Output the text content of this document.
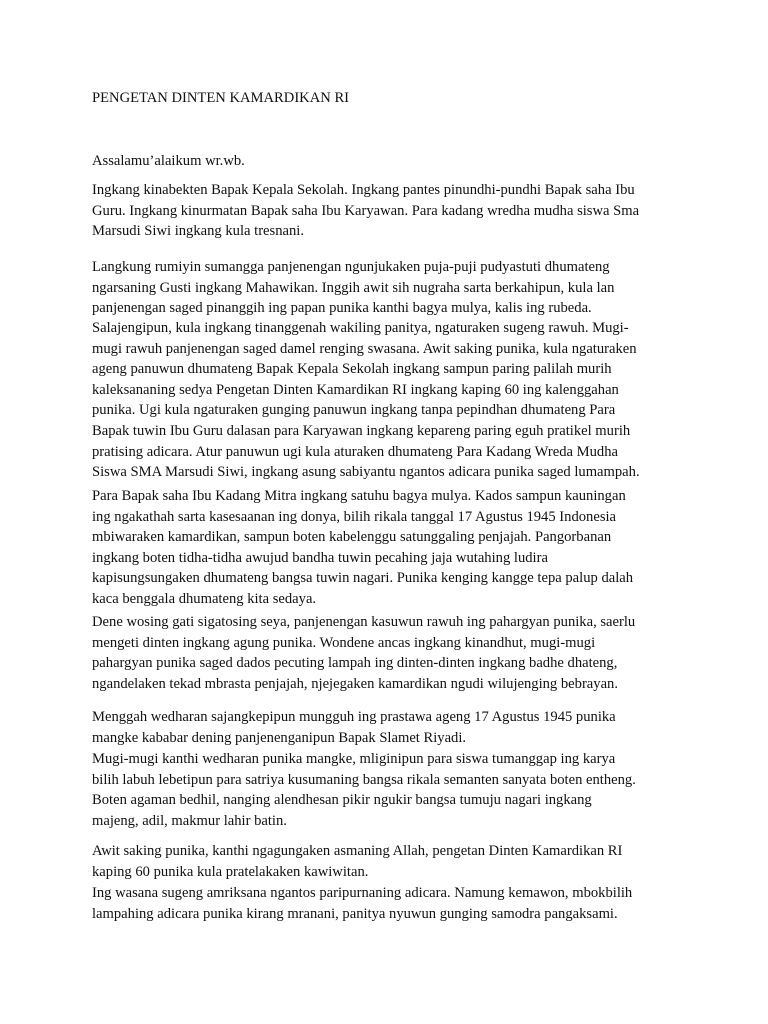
PENGETAN DINTEN KAMARDIKAN RI
Assalamu’alaikum wr.wb.
Ingkang kinabekten Bapak Kepala Sekolah. Ingkang pantes pinundhi-pundhi Bapak saha Ibu
Guru. Ingkang kinurmatan Bapak saha Ibu Karyawan. Para kadang wredha mudha siswa Sma
Marsudi Siwi ingkang kula tresnani.
Langkung rumiyin sumangga panjenengan ngunjukaken puja-puji pudyastuti dhumateng
ngarsaning Gusti ingkang Mahawikan. Inggih awit sih nugraha sarta berkahipun, kula lan
panjenengan saged pinanggih ing papan punika kanthi bagya mulya, kalis ing rubeda.
Salajengipun, kula ingkang tinanggenah wakiling panitya, ngaturaken sugeng rawuh. Mugi-
mugi rawuh panjenengan saged damel renging swasana. Awit saking punika, kula ngaturaken
ageng panuwun dhumateng Bapak Kepala Sekolah ingkang sampun paring palilah murih
kaleksananing sedya Pengetan Dinten Kamardikan RI ingkang kaping 60 ing kalenggahan
punika. Ugi kula ngaturaken gunging panuwun ingkang tanpa pepindhan dhumateng Para
Bapak tuwin Ibu Guru dalasan para Karyawan ingkang kepareng paring eguh pratikel murih
pratising adicara. Atur panuwun ugi kula aturaken dhumateng Para Kadang Wreda Mudha
Siswa SMA Marsudi Siwi, ingkang asung sabiyantu ngantos adicara punika saged lumampah.
Para Bapak saha Ibu Kadang Mitra ingkang satuhu bagya mulya. Kados sampun kauningan
ing ngakathah sarta kasesaanan ing donya, bilih rikala tanggal 17 Agustus 1945 Indonesia
mbiwaraken kamardikan, sampun boten kabelenggu satunggaling penjajah. Pangorbanan
ingkang boten tidha-tidha awujud bandha tuwin pecahing jaja wutahing ludira
kapisungsungaken dhumateng bangsa tuwin nagari. Punika kenging kangge tepa palup dalah
kaca benggala dhumateng kita sedaya.
Dene wosing gati sigatosing seya, panjenengan kasuwun rawuh ing pahargyan punika, saerlu
mengeti dinten ingkang agung punika. Wondene ancas ingkang kinandhut, mugi-mugi
pahargyan punika saged dados pecuting lampah ing dinten-dinten ingkang badhe dhateng,
ngandelaken tekad mbrasta penjajah, njejegaken kamardikan ngudi wilujenging bebrayan.
Menggah wedharan sajangkepipun mungguh ing prastawa ageng 17 Agustus 1945 punika
mangke kababar dening panjenenganipun Bapak Slamet Riyadi.
Mugi-mugi kanthi wedharan punika mangke, mliginipun para siswa tumanggap ing karya
bilih labuh lebetipun para satriya kusumaning bangsa rikala semanten sanyata boten entheng.
Boten agaman bedhil, nanging alendhesan pikir ngukir bangsa tumuju nagari ingkang
majeng, adil, makmur lahir batin.
Awit saking punika, kanthi ngagungaken asmaning Allah, pengetan Dinten Kamardikan RI
kaping 60 punika kula pratelakaken kawiwitan.
Ing wasana sugeng amriksana ngantos paripurnaning adicara. Namung kemawon, mbokbilih
lampahing adicara punika kirang mranani, panitya nyuwun gunging samodra pangaksami.
